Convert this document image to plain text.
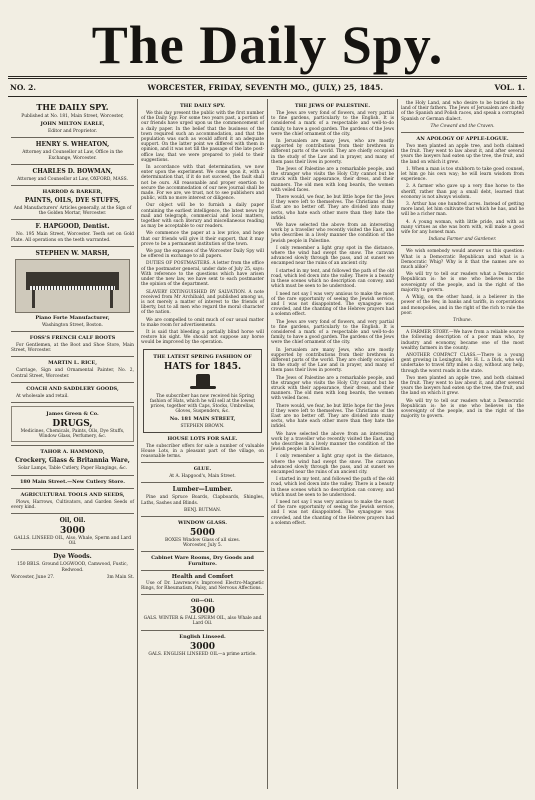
The Daily Spy.
NO. 2.	WORCESTER, FRIDAY, SEVENTH MO., (JULY,) 25, 1845.	VOL. 1.
THE DAILY SPY.
Published at No. 181, Main Street, Worcester,
JOHN MILTON EARLE,
Editor and Proprietor.
HENRY S. WHEATON,
Attorney and Counsellor at Law, Office in the Exchange, Worcester.
CHARLES D. BOWMAN,
Attorney and Counsellor at Law, OXFORD, MASS.
HARROD & BARKER,
PAINTS, OILS, DYE STUFFS,
And Manufacturers' Articles generally, at the Sign of the Golden Mortar, Worcester.
F. HAPGOOD, Dentist.
No. 195 Main Street, Worcester. Teeth set on Gold Plate. All operations on the teeth warranted.
STEPHEN W. MARSH,
Piano Forte Manufacturer,
Washington Street, Boston.
FOSS'S FRENCH CALF BOOTS
For Gentlemen, at the Boot and Shoe Store, Main Street, Worcester.
MARTIN L. RICE,
Carriage, Sign and Ornamental Painter, No. 2, Central Street, Worcester.
COACH AND SADDLERY GOODS,
At wholesale and retail.
James Green & Co.
DRUGS,
Medicines, Chemicals, Paints, Oils, Dye Stuffs, Window Glass, Perfumery, &c.
TAHOR A. HAMMOND,
Crockery, Glass & Britannia Ware,
Solar Lamps, Table Cutlery, Paper Hangings, &c.
180 Main Street.—New Cutlery Store.
AGRICULTURAL TOOLS AND SEEDS,
Plows, Harrows, Cultivators, and Garden Seeds of every kind.
Oil, Oil.
3000
GALLS. LINSEED OIL, Also, Whale, Sperm and Lard Oil.
Dye Woods.
150 BBLS. Ground LOGWOOD, Camwood, Fustic, Redwood.
Worcester, June 27.	3m Main St.
THE DAILY SPY.

We this day present the public with the first number of the Daily Spy. For some two years past, a portion of our friends have urged upon us the commencement of a daily paper. In the belief that the business of the town required such an accommodation, and that the population was such as would afford it an adequate support. On the latter point we differed with them in opinion, and it was not till the passage of the late post-office law, that we were prepared to yield to their suggestions.

In accordance with that determination, we now enter upon the experiment. We come upon it, with a determination that, if it do not succeed, the fault shall not be ours. All reasonable and proper exertion to secure the accommodation of our new journal shall be made. For we are, we trust, not to see publishers and public, with no more interest or diligence.

Our object will be to furnish a daily paper containing the earliest intelligence, the latest news by mail and telegraph, commercial and local matters, together with such literary and miscellaneous reading as may be acceptable to our readers.

We commence the paper at a low price, and hope that our friends will give it their support, that it may prove to be a permanent institution of the town.

We pay the expenses of the Worcester Daily Spy will be offered in exchange to all papers.

DUTIES OF POSTMASTERS. A letter from the office of the postmaster general, under date of July 25, says: With reference to the questions which have arisen under the new law, we have sent to each postmaster the opinion of the department.

SLAVERY EXTINGUISHED BY SALVATION. A note received from Mr Archibald, and published among us, is not merely a matter of interest to the friends of liberty, but to all men who regard the moral character of the nation.

We are compelled to omit much of our usual matter to make room for advertisements.

It is said that bleeding a partially blind horse will restore his sight. We should not suppose any horse would be improved by the operation.

THE LATEST SPRING FASHION OF
HATS for 1845.
The subscriber has now received his Spring fashion of Hats, which he will sell at the lowest prices, together with Caps, Stocks, Umbrellas, Gloves, Suspenders, &c.
No. 181 MAIN STREET,
STEPHEN BROWN.
HOUSE LOTS FOR SALE.

The subscriber offers for sale a number of valuable House Lots, in a pleasant part of the village, on reasonable terms.

GLUE.
At A. Hapgood's, Main Street.
Lumber—Lumber.

Pine and Spruce Boards, Clapboards, Shingles, Laths, Sashes and Blinds.

BENJ. BUTMAN.
WINDOW GLASS.
5000
BOXES Window Glass of all sizes.
Worcester, July 5.
Cabinet Ware Rooms, Dry Goods and Furniture.
Health and Comfort

Use of Dr. Lawrence's Improved Electro-Magnetic Rings, for Rheumatism, Palsy, and Nervous Affections.

Oil—Oil.
3000
GALS. WINTER & FALL SPERM OIL, also Whale and Lard Oil.
English Linseed.
3000
GALS. ENGLISH LINSEED OIL—a prime article.
THE JEWS OF PALESTINE.

The Jews are very fond of flowers, and very partial to fine gardens, particularly to the English. It is considered a mark of a respectable and well-to-do family, to have a good garden. The gardens of the Jews were the chief ornament of the city.

In Jerusalem are many Jews, who are mostly supported by contributions from their brethren in different parts of the world. They are chiefly occupied in the study of the Law and in prayer, and many of them pass their lives in poverty.

The Jews of Palestine are a remarkable people, and the stranger who visits the Holy City cannot but be struck with their appearance, their dress, and their manners. The old men with long beards, the women with veiled faces.

There would, we fear, be but little hope for the Jews if they were left to themselves. The Christians of the East are no better off. They are divided into many sects, who hate each other more than they hate the infidel.

We have selected the above from an interesting work by a traveller who recently visited the East, and who describes in a lively manner the condition of the Jewish people in Palestine.

I only remember a light gray spot in the distance, where the wind had swept the snow. The caravan advanced slowly through the pass, and at sunset we encamped near the ruins of an ancient city.

I started in my tent, and followed the path of the old road, which led down into the valley. There is a beauty in these scenes which no description can convey, and which must be seen to be understood.

I need not say I was very anxious to make the most of the rare opportunity of seeing the Jewish service, and I was not disappointed. The synagogue was crowded, and the chanting of the Hebrew prayers had a solemn effect.

The Jews are very fond of flowers, and very partial to fine gardens, particularly to the English. It is considered a mark of a respectable and well-to-do family, to have a good garden. The gardens of the Jews were the chief ornament of the city.

In Jerusalem are many Jews, who are mostly supported by contributions from their brethren in different parts of the world. They are chiefly occupied in the study of the Law and in prayer, and many of them pass their lives in poverty.

The Jews of Palestine are a remarkable people, and the stranger who visits the Holy City cannot but be struck with their appearance, their dress, and their manners. The old men with long beards, the women with veiled faces.

There would, we fear, be but little hope for the Jews if they were left to themselves. The Christians of the East are no better off. They are divided into many sects, who hate each other more than they hate the infidel.

We have selected the above from an interesting work by a traveller who recently visited the East, and who describes in a lively manner the condition of the Jewish people in Palestine.

I only remember a light gray spot in the distance, where the wind had swept the snow. The caravan advanced slowly through the pass, and at sunset we encamped near the ruins of an ancient city.

I started in my tent, and followed the path of the old road, which led down into the valley. There is a beauty in these scenes which no description can convey, and which must be seen to be understood.

I need not say I was very anxious to make the most of the rare opportunity of seeing the Jewish service, and I was not disappointed. The synagogue was crowded, and the chanting of the Hebrew prayers had a solemn effect.

the Holy Land, and who desire to be buried in the land of their fathers. The Jews of Jerusalem are chiefly of the Spanish and Polish races, and speak a corrupted Spanish or German dialect.

The Coward and the Craven.
AN APOLOGY OF APPLE-LOGUE.

Two men planted an apple tree, and both claimed the fruit. They went to law about it, and after several years the lawyers had eaten up the tree, the fruit, and the land on which it grew.

1. When a man is too stubborn to take good counsel, let him go his own way; he will learn wisdom from experience.

2. A farmer who gave up a very fine horse to the sheriff, rather than pay a small debt, learned that economy is not always wisdom.

3. Arthur has one hundred acres. Instead of getting more land, let him cultivate that which he has, and he will be a richer man.

4. A young woman, with little pride, and with as many virtues as she was born with, will make a good wife for any honest man.

Indiana Farmer and Gardener.

We wish somebody would answer us this question: What is a Democratic Republican and what is a Democratic Whig? Why is it that the names are so much alike?

We will try to tell our readers what a Democratic Republican is: he is one who believes in the sovereignty of the people, and in the right of the majority to govern.

A Whig, on the other hand, is a believer in the power of the few, in banks and tariffs, in corporations and monopolies, and in the right of the rich to rule the poor.

Tribune.

A FARMER STORY.—We have from a reliable source the following description of a poor man who, by industry and economy, became one of the most wealthy farmers in the county.

ANOTHER COMPACT CLASS.—There is a young gent growing in Lexington, Mr. H. L. a Dick, who will undertake to travel fifty miles a day, without any help, through the worst roads in the state.

Two men planted an apple tree, and both claimed the fruit. They went to law about it, and after several years the lawyers had eaten up the tree, the fruit, and the land on which it grew.

We will try to tell our readers what a Democratic Republican is: he is one who believes in the sovereignty of the people, and in the right of the majority to govern.
